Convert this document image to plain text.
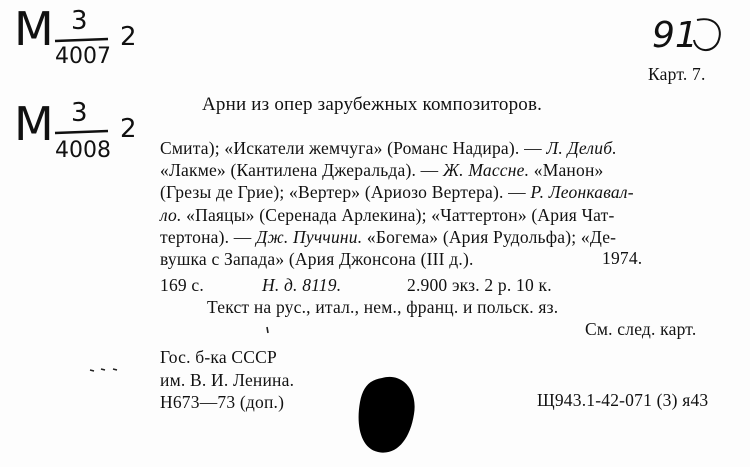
М 3
4007
2
М 3
4008
2
91
Карт. 7.
Арни из опер зарубежных композиторов.
Смита); «Искатели жемчуга» (Романс Надира). — Л. Делиб.
«Лакме» (Кантилена Джеральда). — Ж. Массне. «Манон»
(Грезы де Грие); «Вертер» (Ариозо Вертера). — Р. Леонкавал-
ло. «Паяцы» (Серенада Арлекина); «Чаттертон» (Ария Чат-
тертона). — Дж. Пуччини. «Богема» (Ария Рудольфа); «Де-
вушка с Запада» (Ария Джонсона (III д.).	1974.
169 с.	Н. д. 8119.	2.900 экз. 2 р. 10 к.
Текст на рус., итал., нем., франц. и польск. яз.
См. след. карт.
Гос. б-ка СССР
им. В. И. Ленина.
Н673—73 (доп.)	Щ943.1-42-071 (3) я43
